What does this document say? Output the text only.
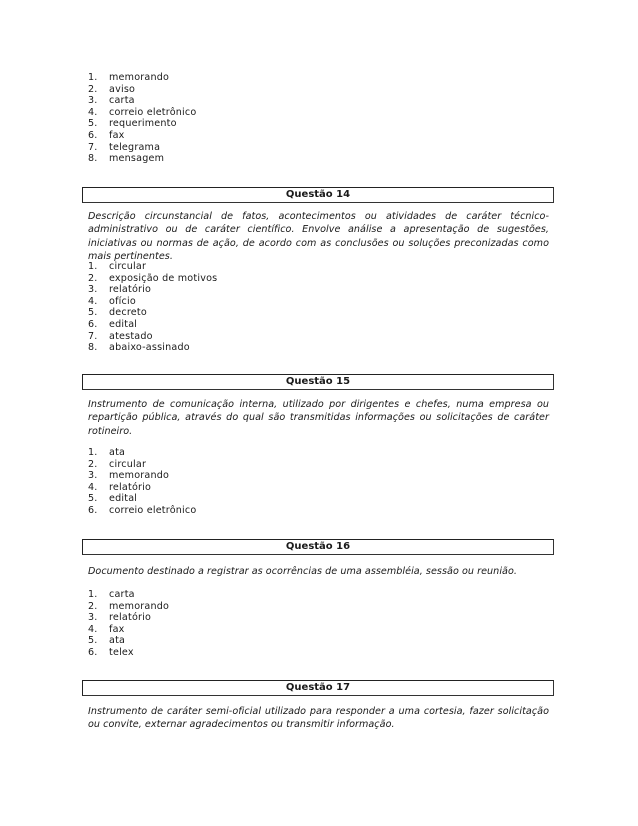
1.	memorando
2.	aviso
3.	carta
4.	correio eletrônico
5.	requerimento
6.	fax
7.	telegrama
8.	mensagem
Questão 14

Descrição circunstancial de fatos, acontecimentos ou atividades de caráter técnico-administrativo ou de caráter científico. Envolve análise a apresentação de sugestões, iniciativas ou normas de ação, de acordo com as conclusões ou soluções preconizadas como mais pertinentes.

1.	circular
2.	exposição de motivos
3.	relatório
4.	ofício
5.	decreto
6.	edital
7.	atestado
8.	abaixo-assinado
Questão 15

Instrumento de comunicação interna, utilizado por dirigentes e chefes, numa empresa ou repartição pública, através do qual são transmitidas informações ou solicitações de caráter rotineiro.

1.	ata
2.	circular
3.	memorando
4.	relatório
5.	edital
6.	correio eletrônico
Questão 16

Documento destinado a registrar as ocorrências de uma assembléia, sessão ou reunião.

1.	carta
2.	memorando
3.	relatório
4.	fax
5.	ata
6.	telex
Questão 17

Instrumento de caráter semi-oficial utilizado para responder a uma cortesia, fazer solicitação ou convite, externar agradecimentos ou transmitir informação.
